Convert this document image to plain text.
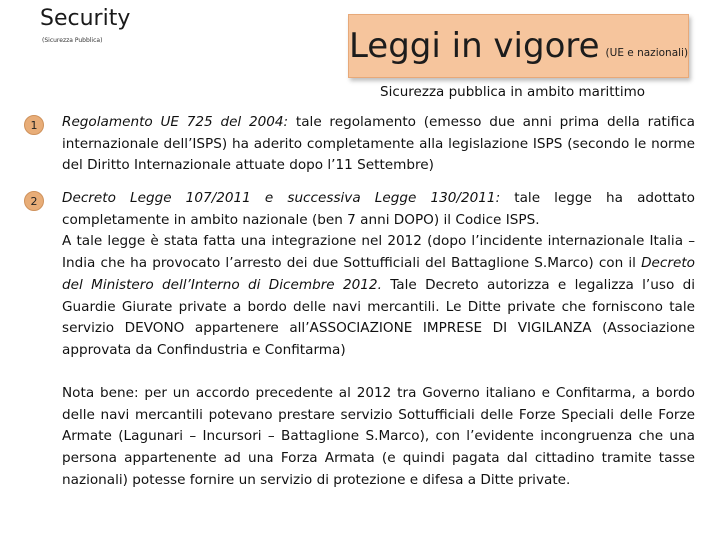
Security
(Sicurezza Pubblica)	Leggi in vigore (UE e nazionali)
Sicurezza pubblica in ambito marittimo
1	Regolamento UE 725 del 2004: tale regolamento (emesso due anni prima della ratifica internazionale dell’ISPS) ha aderito completamente alla legislazione ISPS (secondo le norme del Diritto Internazionale attuate dopo l’11 Settembre)
2	Decreto Legge 107/2011 e successiva Legge 130/2011: tale legge ha adottato completamente in ambito nazionale (ben 7 anni DOPO) il Codice ISPS.
A tale legge è stata fatta una integrazione nel 2012 (dopo l’incidente internazionale Italia – India che ha provocato l’arresto dei due Sottufficiali del Battaglione S.Marco) con il Decreto del Ministero dell’Interno di Dicembre 2012. Tale Decreto autorizza e legalizza l’uso di Guardie Giurate private a bordo delle navi mercantili. Le Ditte private che forniscono tale servizio DEVONO appartenere all’ASSOCIAZIONE IMPRESE DI VIGILANZA (Associazione approvata da Confindustria e Confitarma)
Nota bene: per un accordo precedente al 2012 tra Governo italiano e Confitarma, a bordo delle navi mercantili potevano prestare servizio Sottufficiali delle Forze Speciali delle Forze Armate (Lagunari – Incursori – Battaglione S.Marco), con l’evidente incongruenza che una persona appartenente ad una Forza Armata (e quindi pagata dal cittadino tramite tasse nazionali) potesse fornire un servizio di protezione e difesa a Ditte private.
